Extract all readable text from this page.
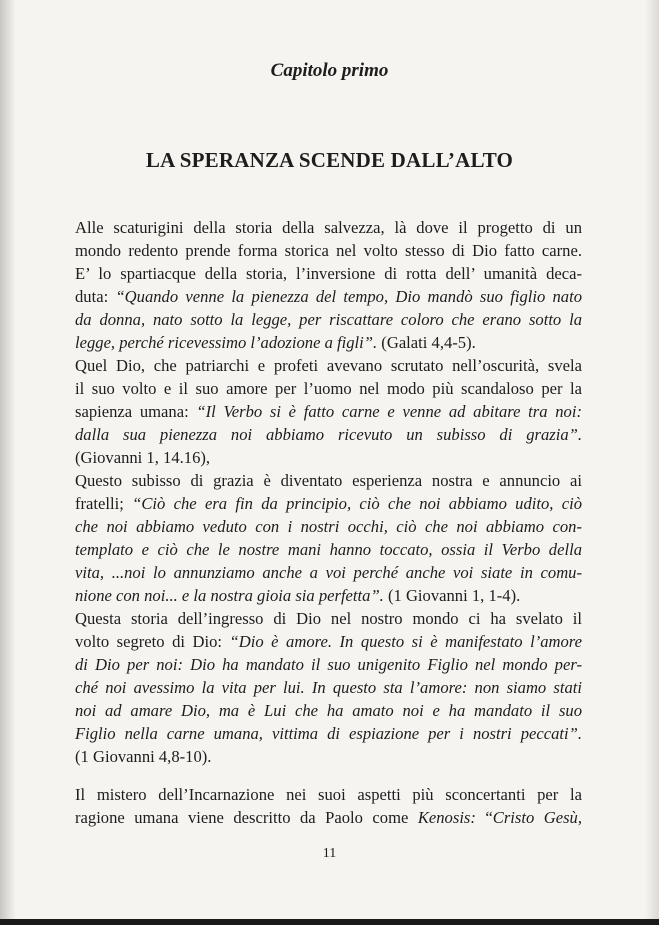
Capitolo primo
LA SPERANZA SCENDE DALL’ALTO
Alle scaturigini della storia della salvezza, là dove il progetto di un
mondo redento prende forma storica nel volto stesso di Dio fatto carne.
E’ lo spartiacque della storia, l’inversione di rotta dell’ umanità deca-
duta: “Quando venne la pienezza del tempo, Dio mandò suo figlio nato
da donna, nato sotto la legge, per riscattare coloro che erano sotto la
legge, perché ricevessimo l’adozione a figli”. (Galati 4,4-5).
Quel Dio, che patriarchi e profeti avevano scrutato nell’oscurità, svela
il suo volto e il suo amore per l’uomo nel modo più scandaloso per la
sapienza umana: “Il Verbo si è fatto carne e venne ad abitare tra noi:
dalla sua pienezza noi abbiamo ricevuto un subisso di grazia”.
(Giovanni 1, 14.16),
Questo subisso di grazia è diventato esperienza nostra e annuncio ai
fratelli; “Ciò che era fin da principio, ciò che noi abbiamo udito, ciò
che noi abbiamo veduto con i nostri occhi, ciò che noi abbiamo con-
templato e ciò che le nostre mani hanno toccato, ossia il Verbo della
vita, ...noi lo annunziamo anche a voi perché anche voi siate in comu-
nione con noi... e la nostra gioia sia perfetta”. (1 Giovanni 1, 1-4).
Questa storia dell’ingresso di Dio nel nostro mondo ci ha svelato il
volto segreto di Dio: “Dio è amore. In questo si è manifestato l’amore
di Dio per noi: Dio ha mandato il suo unigenito Figlio nel mondo per-
ché noi avessimo la vita per lui. In questo sta l’amore: non siamo stati
noi ad amare Dio, ma è Lui che ha amato noi e ha mandato il suo
Figlio nella carne umana, vittima di espiazione per i nostri peccati”.
(1 Giovanni 4,8-10).
Il mistero dell’Incarnazione nei suoi aspetti più sconcertanti per la
ragione umana viene descritto da Paolo come Kenosis: “Cristo Gesù,
11
